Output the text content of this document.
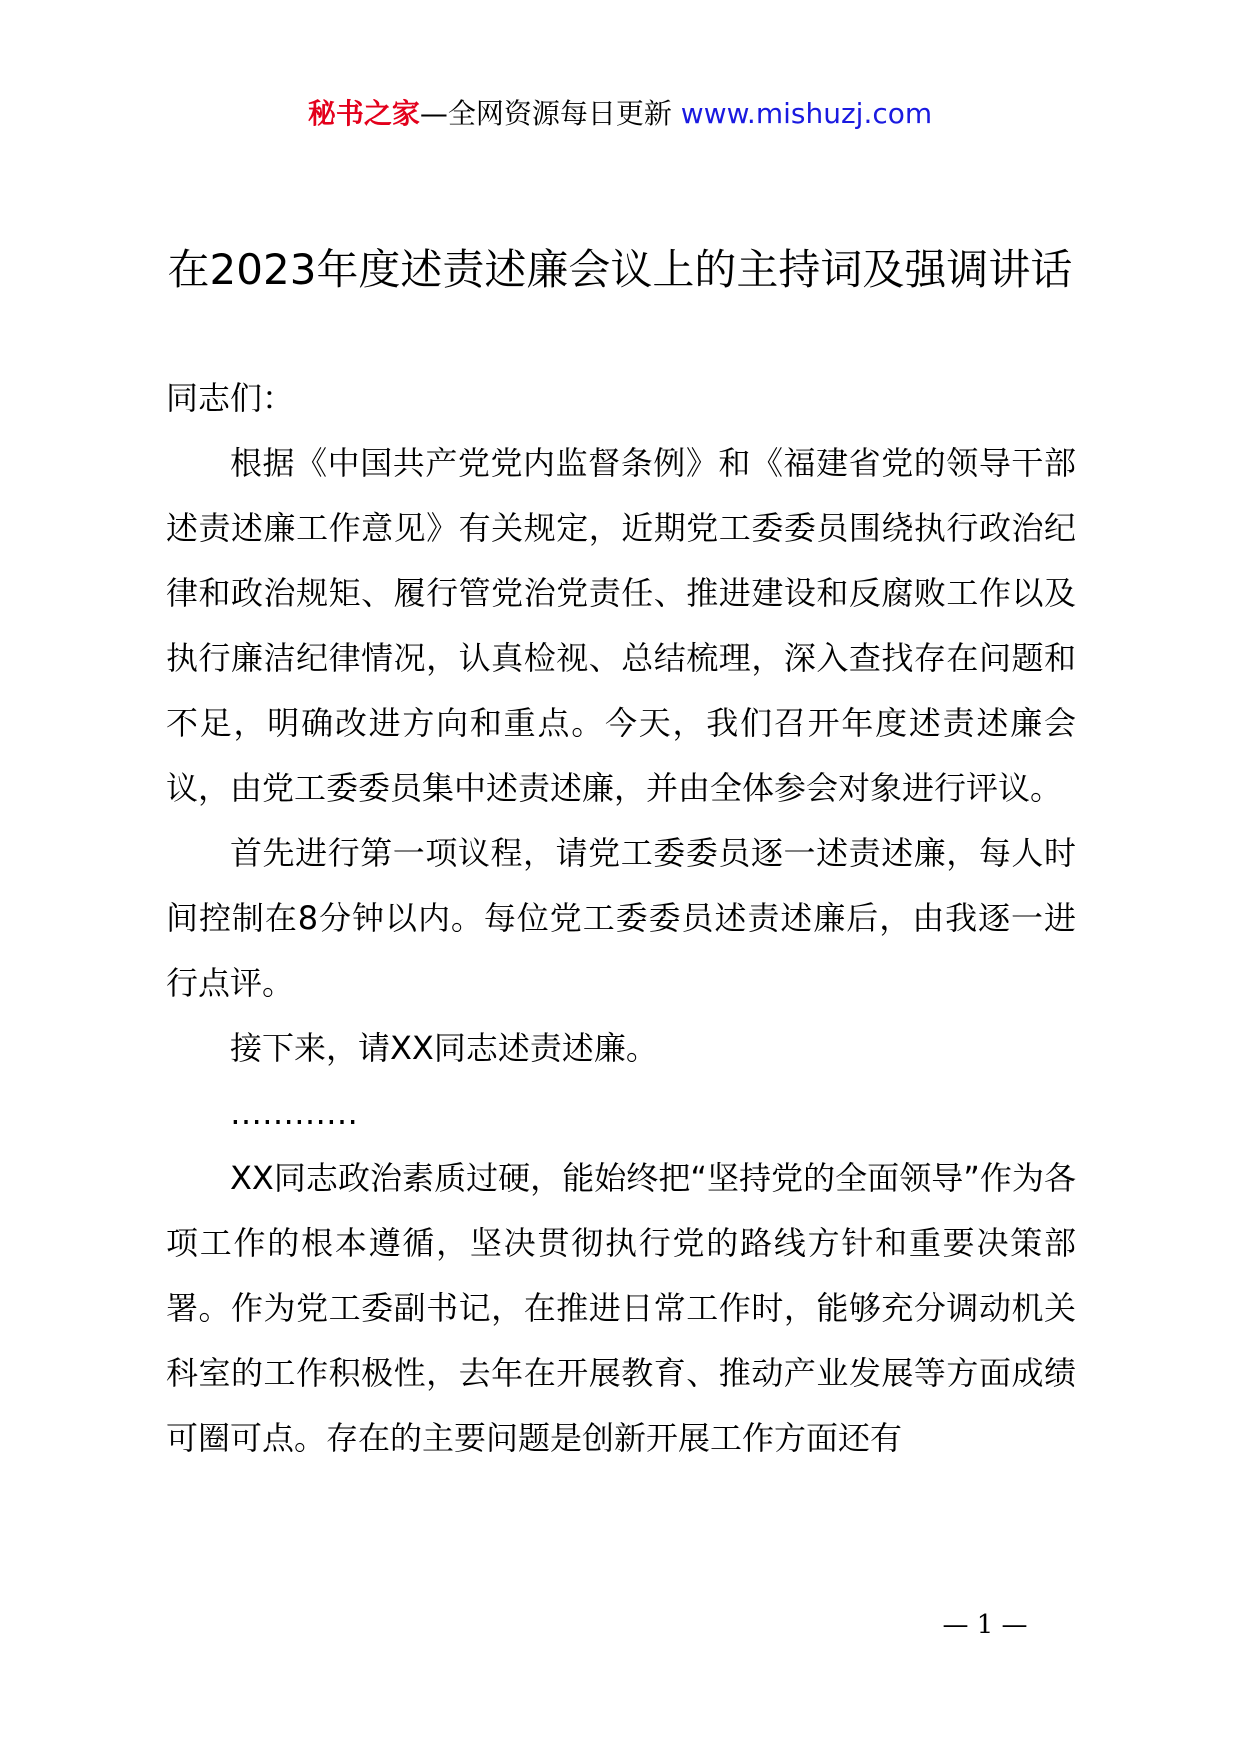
秘书之家—全网资源每日更新 www.mishuzj.com
在2023年度述责述廉会议上的主持词及强调讲话

同志们：

根据《中国共产党党内监督条例》和《福建省党的领导干部述责述廉工作意见》有关规定，近期党工委委员围绕执行政治纪律和政治规矩、履行管党治党责任、推进建设和反腐败工作以及执行廉洁纪律情况，认真检视、总结梳理，深入查找存在问题和不足，明确改进方向和重点。今天，我们召开年度述责述廉会议，由党工委委员集中述责述廉，并由全体参会对象进行评议。

首先进行第一项议程，请党工委委员逐一述责述廉，每人时间控制在8分钟以内。每位党工委委员述责述廉后，由我逐一进行点评。

接下来，请XX同志述责述廉。

…………

XX同志政治素质过硬，能始终把“坚持党的全面领导”作为各项工作的根本遵循，坚决贯彻执行党的路线方针和重要决策部署。作为党工委副书记，在推进日常工作时，能够充分调动机关科室的工作积极性，去年在开展教育、推动产业发展等方面成绩可圈可点。存在的主要问题是创新开展工作方面还有

— 1 —
